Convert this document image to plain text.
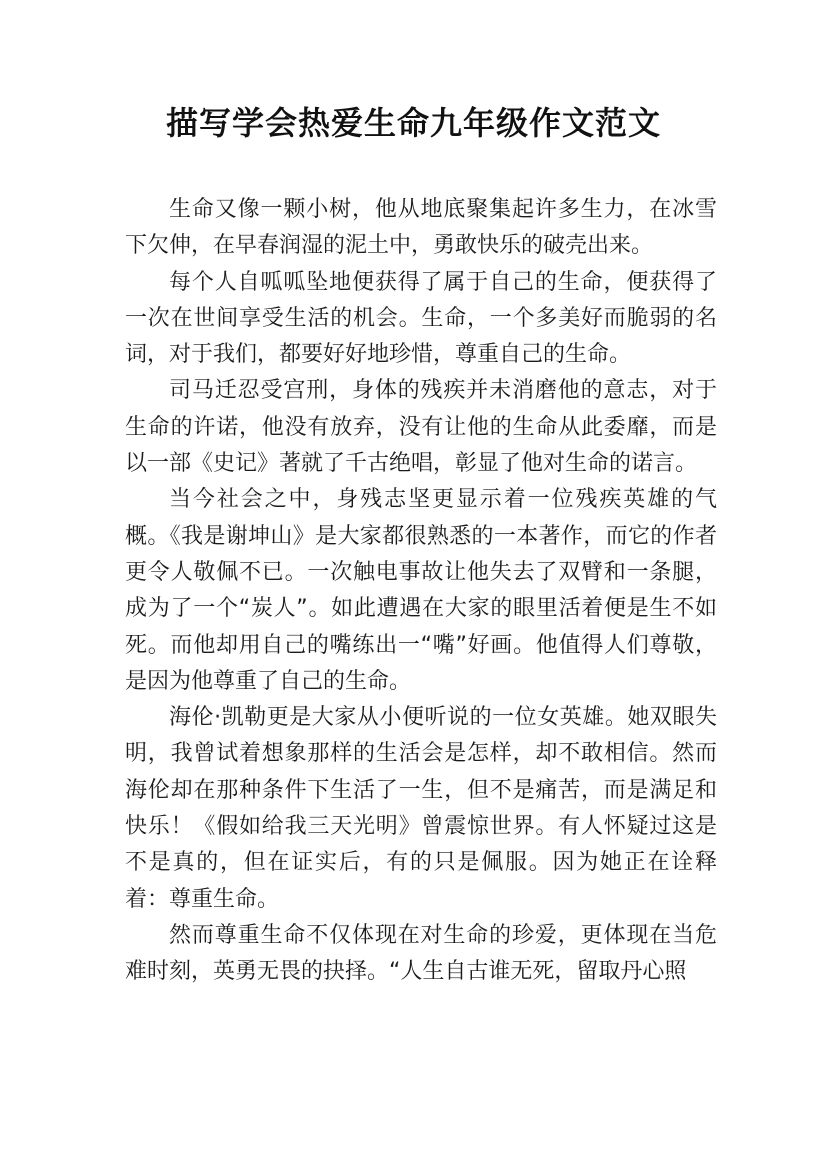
描写学会热爱生命九年级作文范文

生命又像一颗小树，他从地底聚集起许多生力，在冰雪下欠伸，在早春润湿的泥土中，勇敢快乐的破壳出来。

每个人自呱呱坠地便获得了属于自己的生命，便获得了一次在世间享受生活的机会。生命，一个多美好而脆弱的名词，对于我们，都要好好地珍惜，尊重自己的生命。

司马迁忍受宫刑，身体的残疾并未消磨他的意志，对于生命的许诺，他没有放弃，没有让他的生命从此委靡，而是以一部《史记》著就了千古绝唱，彰显了他对生命的诺言。

当今社会之中，身残志坚更显示着一位残疾英雄的气概。《我是谢坤山》是大家都很熟悉的一本著作，而它的作者更令人敬佩不已。一次触电事故让他失去了双臂和一条腿，成为了一个“炭人”。如此遭遇在大家的眼里活着便是生不如死。而他却用自己的嘴练出一“嘴”好画。他值得人们尊敬，是因为他尊重了自己的生命。

海伦·凯勒更是大家从小便听说的一位女英雄。她双眼失明，我曾试着想象那样的生活会是怎样，却不敢相信。然而海伦却在那种条件下生活了一生，但不是痛苦，而是满足和快乐！《假如给我三天光明》曾震惊世界。有人怀疑过这是不是真的，但在证实后，有的只是佩服。因为她正在诠释着：尊重生命。

然而尊重生命不仅体现在对生命的珍爱，更体现在当危难时刻，英勇无畏的抉择。“人生自古谁无死，留取丹心照
